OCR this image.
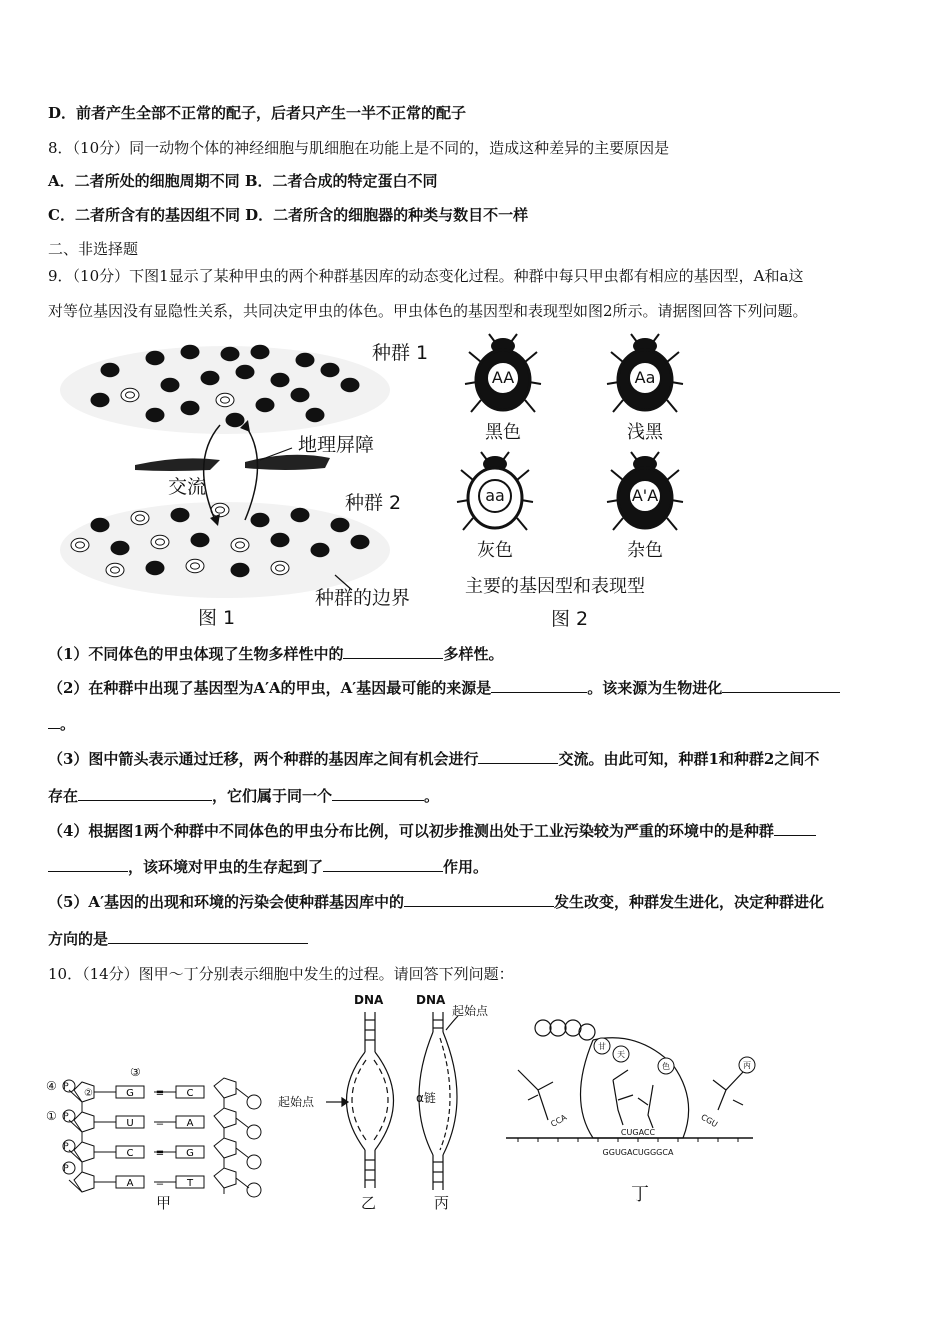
D．前者产生全部不正常的配子，后者只产生一半不正常的配子
8．（10分）同一动物个体的神经细胞与肌细胞在功能上是不同的，造成这种差异的主要原因是
A．二者所处的细胞周期不同 B．二者合成的特定蛋白不同
C．二者所含有的基因组不同 D．二者所含的细胞器的种类与数目不一样
二、非选择题
9．（10分）下图1显示了某种甲虫的两个种群基因库的动态变化过程。种群中每只甲虫都有相应的基因型，A和a这
对等位基因没有显隐性关系，共同决定甲虫的体色。甲虫体色的基因型和表现型如图2所示。请据图回答下列问题。
种群 1
地理屏障
交流
种群 2
种群的边界
图 1
AA
黑色
Aa
浅黑
aa
灰色
A'A
杂色
主要的基因型和表现型
图 2
（1）不同体色的甲虫体现了生物多样性中的	多样性。
（2）在种群中出现了基因型为A′A的甲虫，A′基因最可能的来源是	。该来源为生物进化
。
（3）图中箭头表示通过迁移，两个种群的基因库之间有机会进行	交流。由此可知，种群1和种群2之间不
存在	，它们属于同一个	。
（4）根据图1两个种群中不同体色的甲虫分布比例，可以初步推测出处于工业污染较为严重的环境中的是种群
，该环境对甲虫的生存起到了	作用。
（5）A′基因的出现和环境的污染会使种群基因库中的	发生改变，种群发生进化，决定种群进化
方向的是
10．（14分）图甲～丁分别表示细胞中发生的过程。请回答下列问题：
G	C
≡
U	A
=
C	G
≡
A	T
=
P
P
P
P
④
①
③
②
甲
DNA
起始点
乙
DNA
起始点
α链
丙
甘
天
色	丙
CCA
CUGACC
CGU
GGUGACUGGGCA
丁
